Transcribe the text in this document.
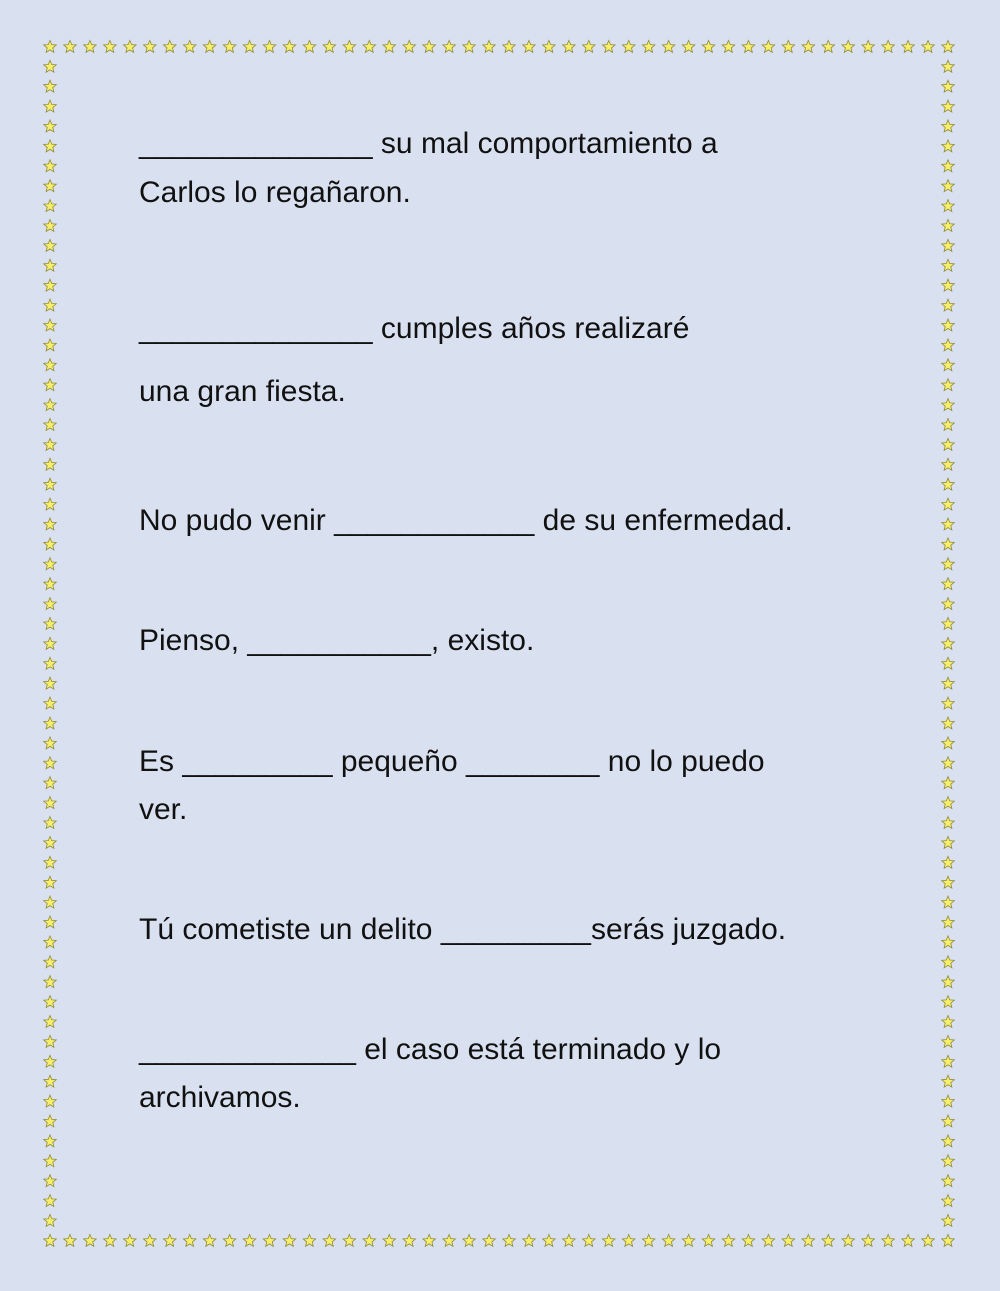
______________ su mal comportamiento a
Carlos lo regañaron.
______________ cumples años realizaré
una gran fiesta.
No pudo venir ____________ de su enfermedad.
Pienso, ___________, existo.
Es _________ pequeño ________ no lo puedo
ver.
Tú cometiste un delito _________serás juzgado.
_____________ el caso está terminado y lo
archivamos.
